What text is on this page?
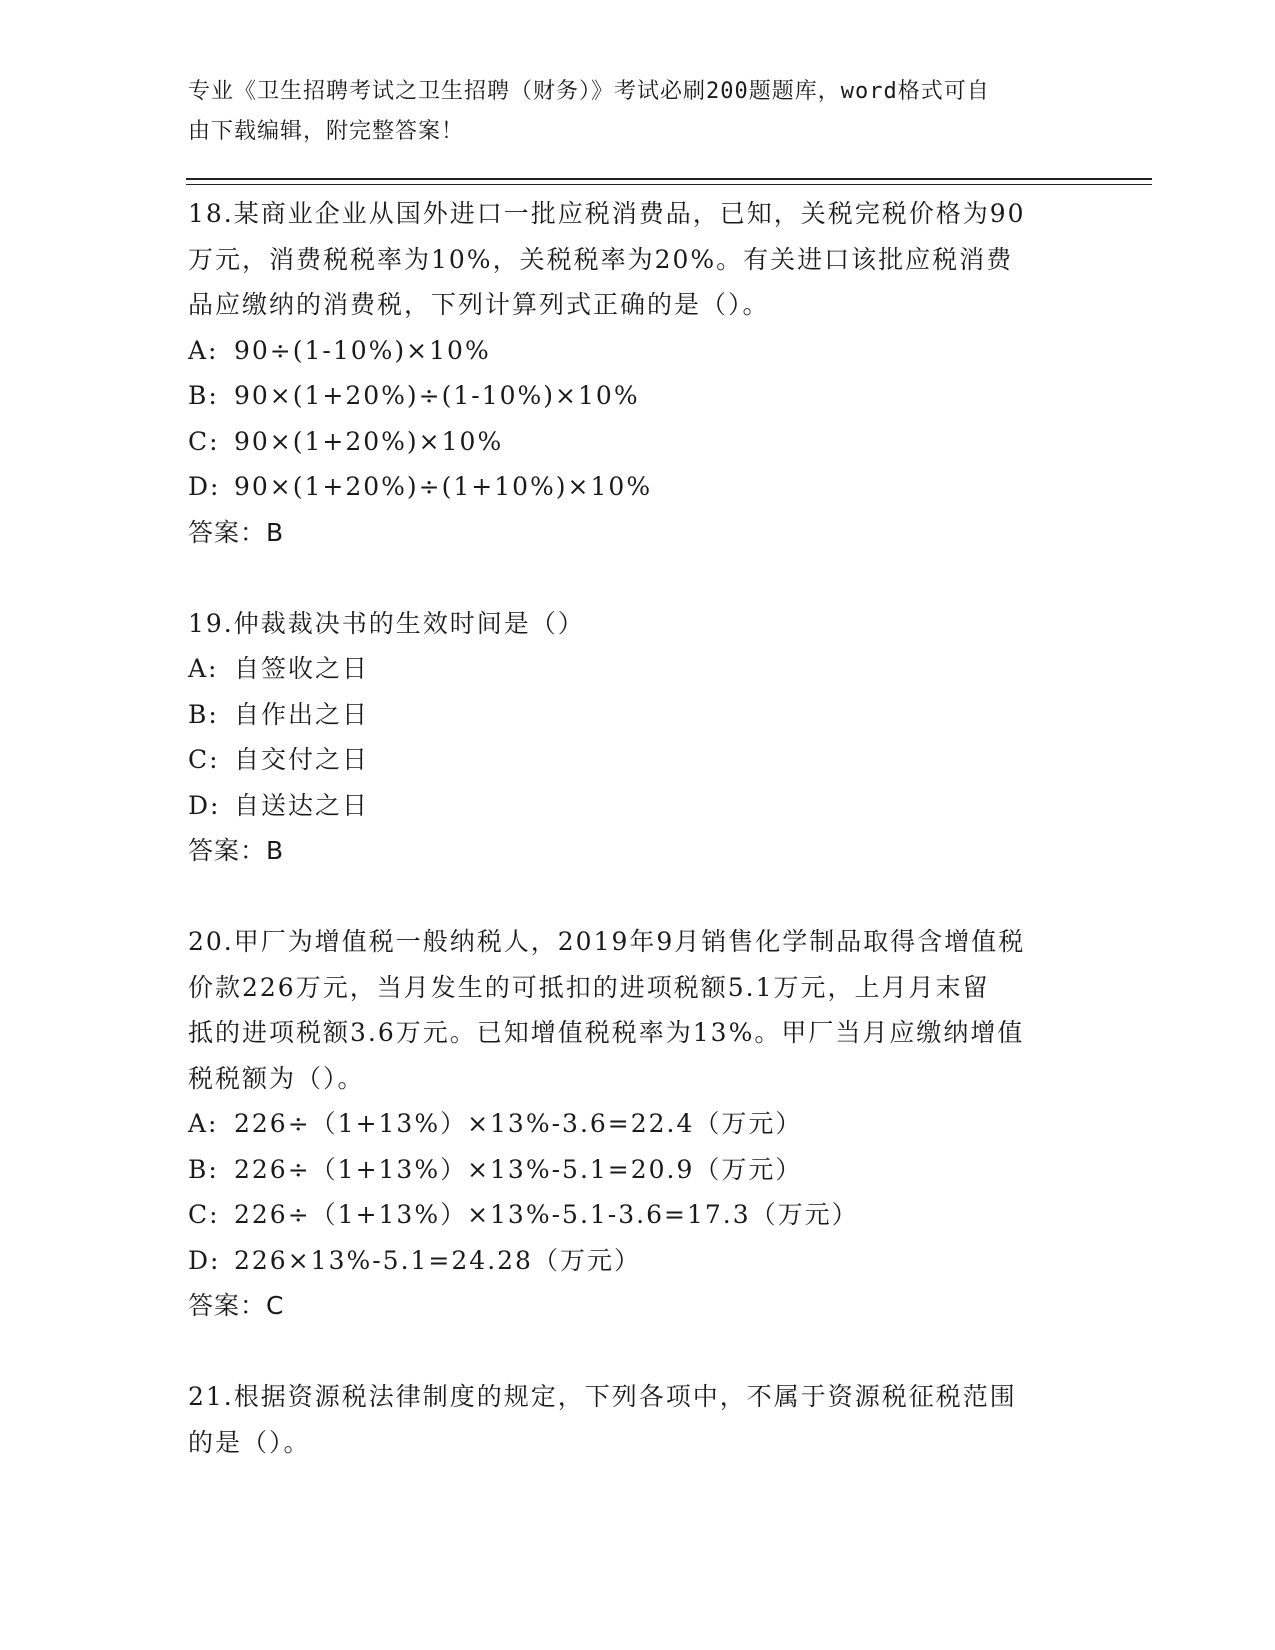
专业《卫生招聘考试之卫生招聘（财务）》考试必刷200题题库，word格式可自
由下载编辑，附完整答案！
18.某商业企业从国外进口一批应税消费品，已知，关税完税价格为90
万元，消费税税率为10%，关税税率为20%。有关进口该批应税消费
品应缴纳的消费税，下列计算列式正确的是（）。
A: 90÷(1-10%)×10%
B: 90×(1+20%)÷(1-10%)×10%
C: 90×(1+20%)×10%
D: 90×(1+20%)÷(1+10%)×10%
答案：B
19.仲裁裁决书的生效时间是（）
A: 自签收之日
B: 自作出之日
C: 自交付之日
D: 自送达之日
答案：B
20.甲厂为增值税一般纳税人，2019年9月销售化学制品取得含增值税
价款226万元，当月发生的可抵扣的进项税额5.1万元，上月月末留
抵的进项税额3.6万元。已知增值税税率为13%。甲厂当月应缴纳增值
税税额为（）。
A: 226÷（1+13%）×13%-3.6=22.4（万元）
B: 226÷（1+13%）×13%-5.1=20.9（万元）
C: 226÷（1+13%）×13%-5.1-3.6=17.3（万元）
D: 226×13%-5.1=24.28（万元）
答案：C
21.根据资源税法律制度的规定，下列各项中，不属于资源税征税范围
的是（）。
